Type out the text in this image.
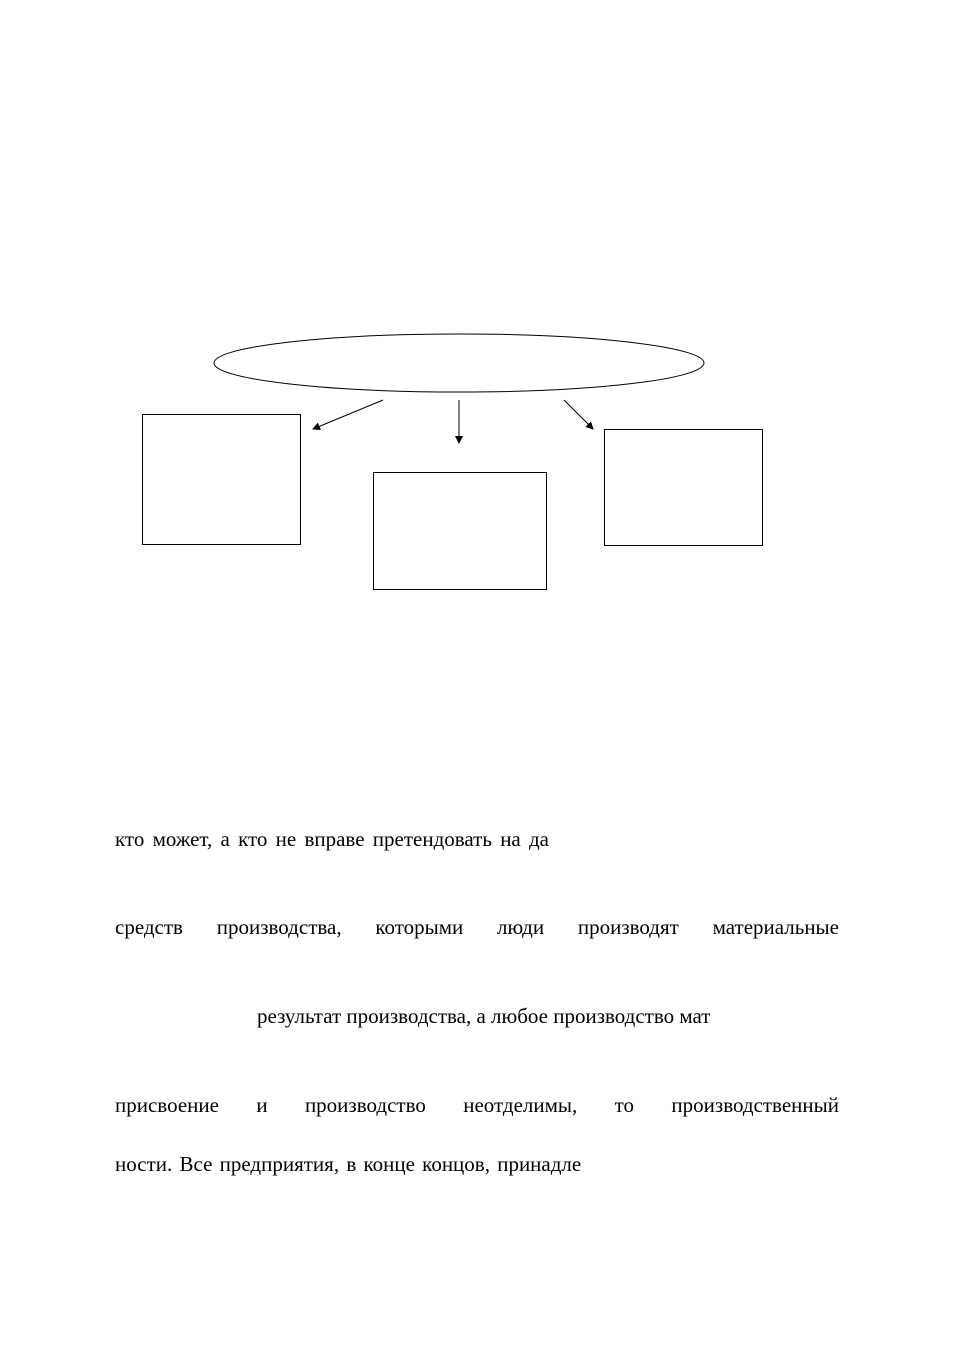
кто может, а кто не вправе претендовать на да

средств производства, которыми люди производят материальные

результат производства, а любое производство мат

присвоение и производство неотделимы, то производственный

ности. Все предприятия, в конце концов, принадле
